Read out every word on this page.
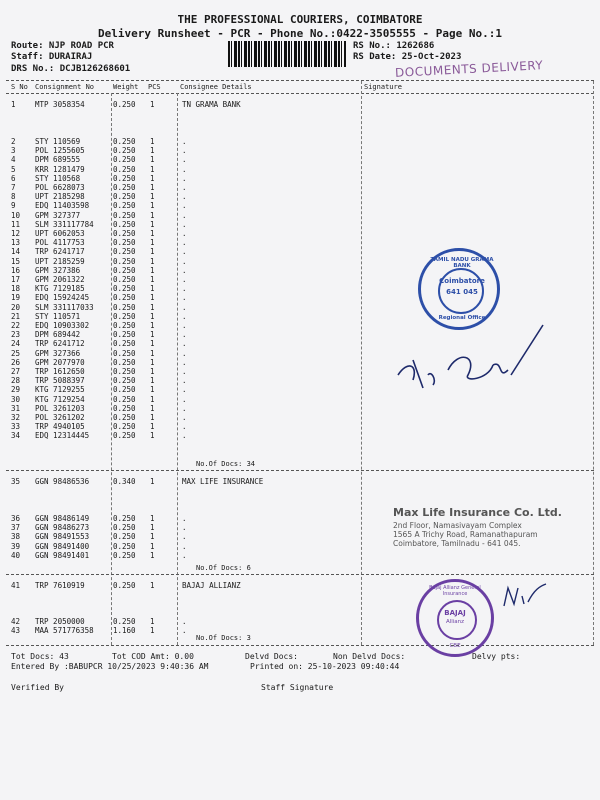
THE PROFESSIONAL COURIERS, COIMBATORE
Delivery Runsheet - PCR - Phone No.:0422-3505555 - Page No.:1
Route: NJP ROAD PCR
Staff: DURAIRAJ
DRS No.: DCJB126268601
RS No.: 1262686
RS Date: 25-Oct-2023
DOCUMENTS DELIVERY
S No Consignment No	Weight PCS	Consignee Details	Signature
1	MTP 3058354	0.250 1	TN GRAMA BANK
2	STY 110569	0.250 1	.
3	POL 1255605	0.250 1	.
4	DPM 689555	0.250 1	.
5	KRR 1281479	0.250 1	.
6	STY 110568	0.250 1	.
7	POL 6628073	0.250 1	.
8	UPT 2185298	0.250 1	.
9	EDQ 11403598	0.250 1	.
10 GPM 327377	0.250 1	.
11 SLM 331117784	0.250 1	.
12 UPT 6062053	0.250 1	.
13 POL 4117753	0.250 1	.
14 TRP 6241717	0.250 1	.
15 UPT 2185259	0.250 1	.
16 GPM 327386	0.250 1	.
17 GPM 2061322	0.250 1	.
18 KTG 7129185	0.250 1	.
19 EDQ 15924245	0.250 1	.
20 SLM 331117033	0.250 1	.
21 STY 110571	0.250 1	.
22 EDQ 10903302	0.250 1	.
23 DPM 689442	0.250 1	.
24 TRP 6241712	0.250 1	.
25 GPM 327366	0.250 1	.
26 GPM 2077970	0.250 1	.
27 TRP 1612650	0.250 1	.
28 TRP 5088397	0.250 1	.
29 KTG 7129255	0.250 1	.
30 KTG 7129254	0.250 1	.
31 POL 3261203	0.250 1	.
32 POL 3261202	0.250 1	.
33 TRP 4940105	0.250 1	.
34 EDQ 12314445	0.250 1	.
No.Of Docs: 34
35 GGN 98486536	0.340 1	MAX LIFE INSURANCE
36 GGN 98486149	0.250 1	.
37 GGN 98486273	0.250 1	.
38 GGN 98491553	0.250 1	.
39 GGN 98491400	0.250 1	.
40 GGN 98491401	0.250 1	.
No.Of Docs: 6
41 TRP 7610919	0.250 1	BAJAJ ALLIANZ
42 TRP 2050000	0.250 1	.
43 MAA 571776358	1.160 1	.
No.Of Docs: 3
TAMIL NADU GRAMA BANK
Coimbatore
641 045
Regional Office
Max Life Insurance Co. Ltd.
2nd Floor, Namasivayam Complex
1565 A Trichy Road, Ramanathapuram
Coimbatore, Tamilnadu - 641 045.
Bajaj Allianz General Insurance
BAJAJ
Allianz
CBE
Tot Docs: 43	Tot COD Amt: 0.00	Delvd Docs:	Non Delvd Docs:	Delvy pts:
Entered By :BABUPCR 10/25/2023 9:40:36 AM	Printed on: 25-10-2023 09:40:44
Verified By	Staff Signature
